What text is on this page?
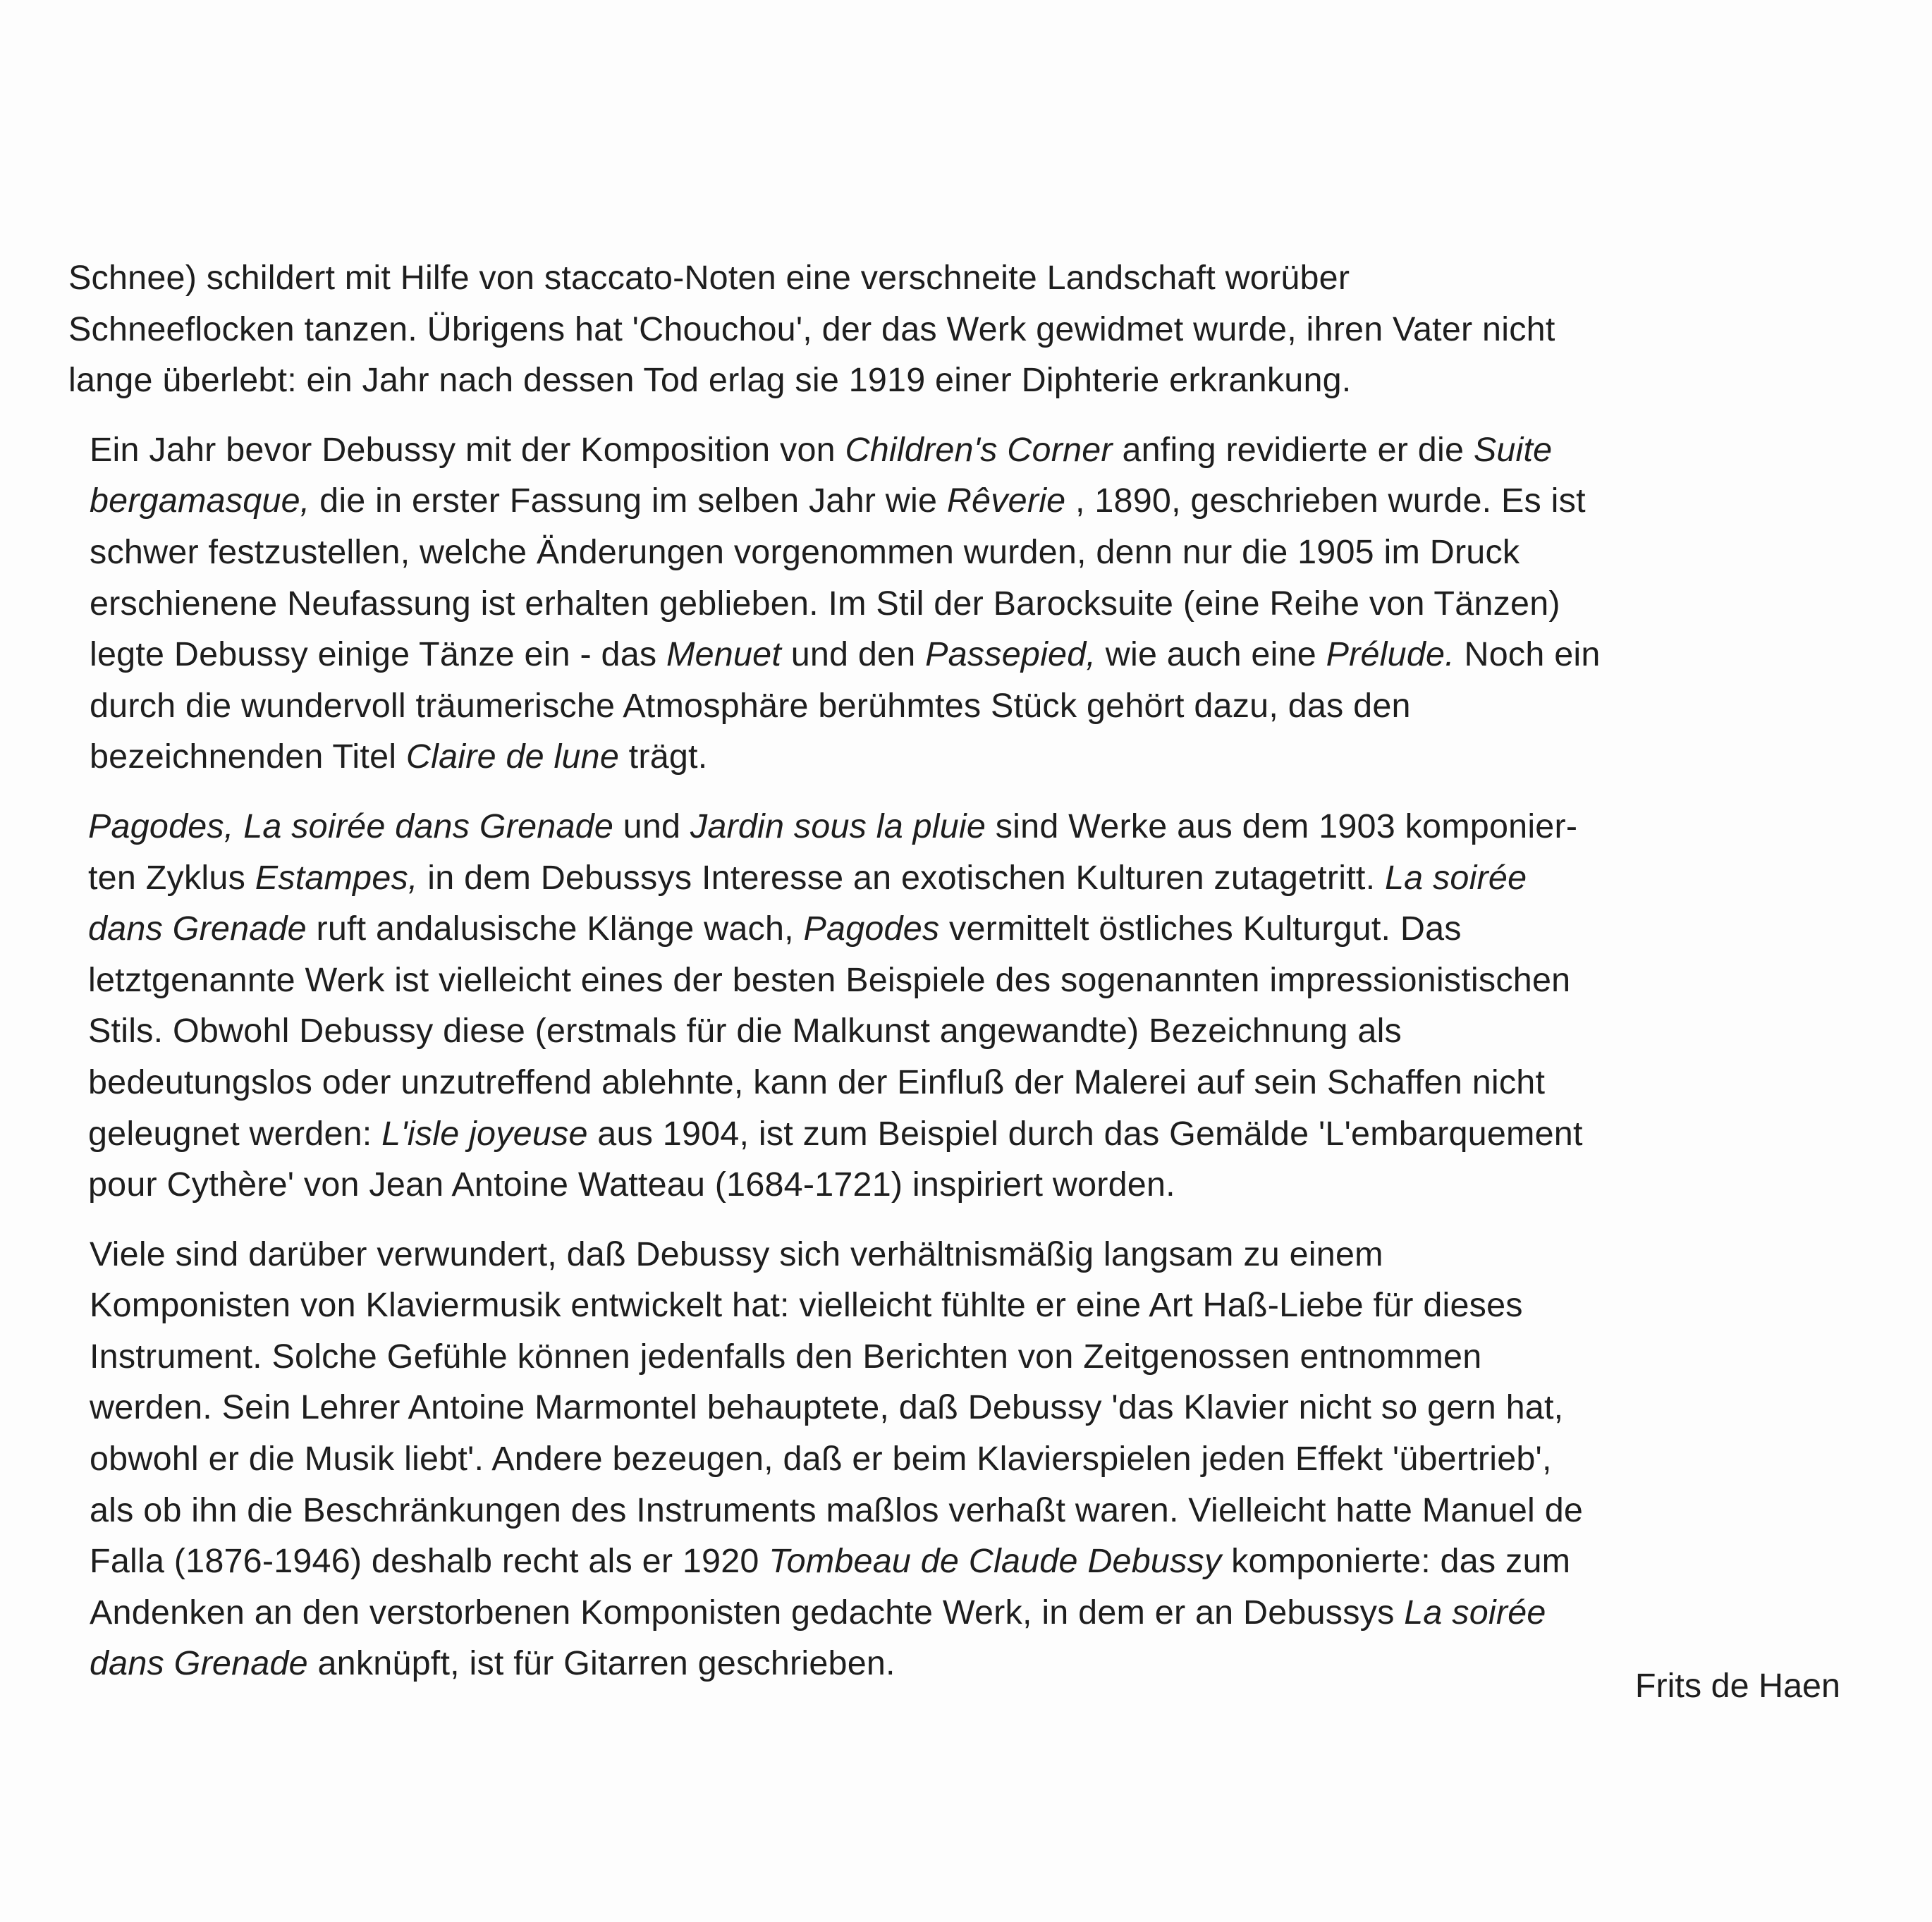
Schnee) schildert mit Hilfe von staccato-Noten eine verschneite Landschaft worüber
Schneeflocken tanzen. Übrigens hat 'Chouchou', der das Werk gewidmet wurde, ihren Vater nicht
lange überlebt: ein Jahr nach dessen Tod erlag sie 1919 einer Diphterie erkrankung.

Ein Jahr bevor Debussy mit der Komposition von Children's Corner anfing revidierte er die Suite
bergamasque, die in erster Fassung im selben Jahr wie Rêverie , 1890, geschrieben wurde. Es ist
schwer festzustellen, welche Änderungen vorgenommen wurden, denn nur die 1905 im Druck
erschienene Neufassung ist erhalten geblieben. Im Stil der Barocksuite (eine Reihe von Tänzen)
legte Debussy einige Tänze ein - das Menuet und den Passepied, wie auch eine Prélude. Noch ein
durch die wundervoll träumerische Atmosphäre berühmtes Stück gehört dazu, das den
bezeichnenden Titel Claire de lune trägt.

Pagodes, La soirée dans Grenade und Jardin sous la pluie sind Werke aus dem 1903 komponier-
ten Zyklus Estampes, in dem Debussys Interesse an exotischen Kulturen zutagetritt. La soirée
dans Grenade ruft andalusische Klänge wach, Pagodes vermittelt östliches Kulturgut. Das
letztgenannte Werk ist vielleicht eines der besten Beispiele des sogenannten impressionistischen
Stils. Obwohl Debussy diese (erstmals für die Malkunst angewandte) Bezeichnung als
bedeutungslos oder unzutreffend ablehnte, kann der Einfluß der Malerei auf sein Schaffen nicht
geleugnet werden: L'isle joyeuse aus 1904, ist zum Beispiel durch das Gemälde 'L'embarquement
pour Cythère' von Jean Antoine Watteau (1684-1721) inspiriert worden.

Viele sind darüber verwundert, daß Debussy sich verhältnismäßig langsam zu einem
Komponisten von Klaviermusik entwickelt hat: vielleicht fühlte er eine Art Haß-Liebe für dieses
Instrument. Solche Gefühle können jedenfalls den Berichten von Zeitgenossen entnommen
werden. Sein Lehrer Antoine Marmontel behauptete, daß Debussy 'das Klavier nicht so gern hat,
obwohl er die Musik liebt'. Andere bezeugen, daß er beim Klavierspielen jeden Effekt 'übertrieb',
als ob ihn die Beschränkungen des Instruments maßlos verhaßt waren. Vielleicht hatte Manuel de
Falla (1876-1946) deshalb recht als er 1920 Tombeau de Claude Debussy komponierte: das zum
Andenken an den verstorbenen Komponisten gedachte Werk, in dem er an Debussys La soirée
dans Grenade anknüpft, ist für Gitarren geschrieben.

Frits de Haen
